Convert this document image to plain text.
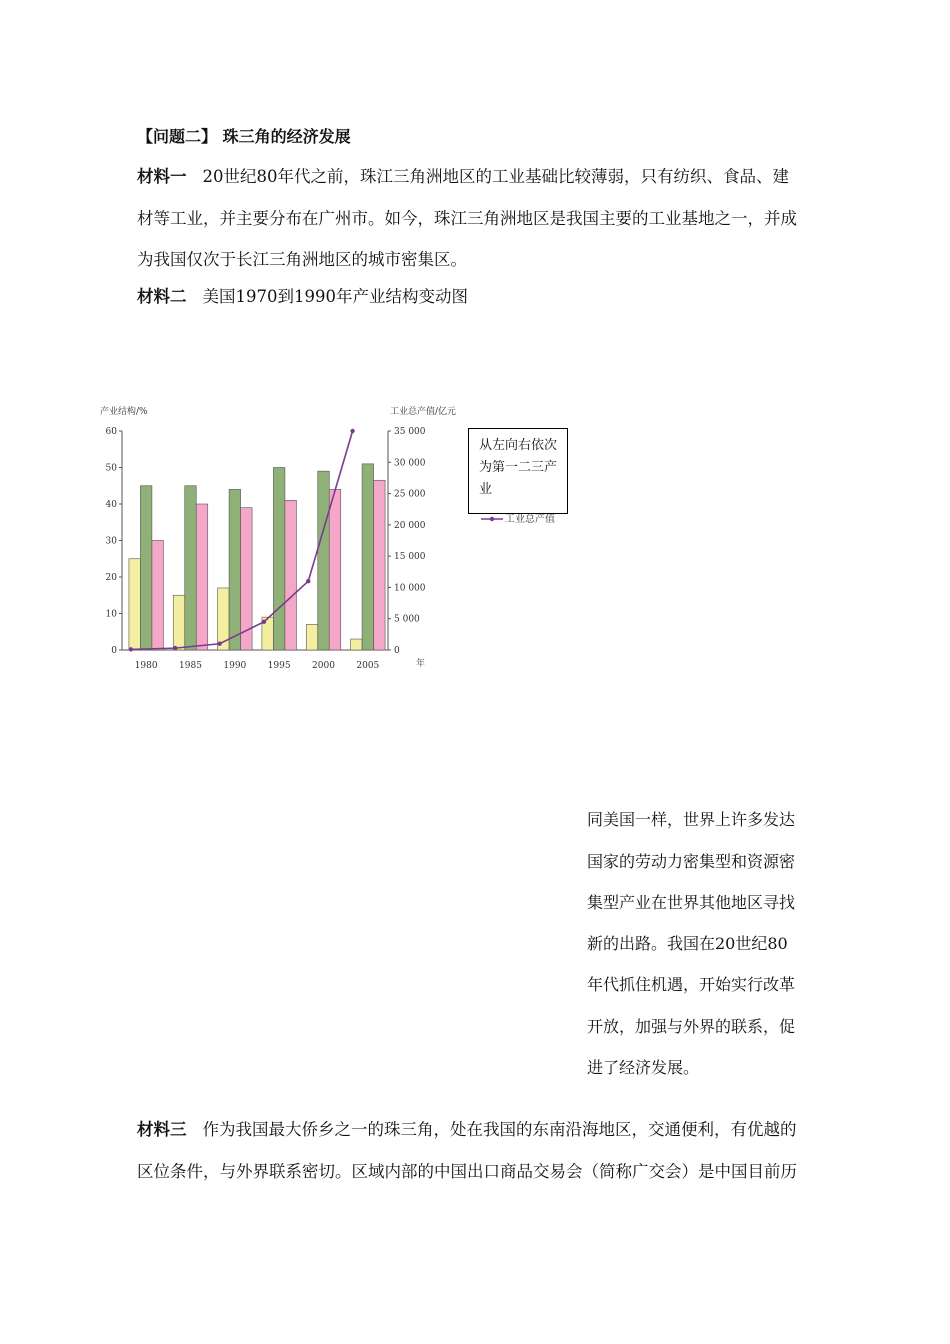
【问题二】 珠三角的经济发展
材料一 20世纪80年代之前，珠江三角洲地区的工业基础比较薄弱，只有纺织、食品、建
材等工业，并主要分布在广州市。如今，珠江三角洲地区是我国主要的工业基地之一，并成
为我国仅次于长江三角洲地区的城市密集区。
材料二 美国1970到1990年产业结构变动图
产业结构/%	工业总产值/亿元
0
10
20
30
40
50
60
0
5 000
10 000
15 000
20 000
25 000
30 000
35 000
1980 1985 1990 1995 2000 2005	年
工业总产值
从左向右依次为第一二三产业
同美国一样，世界上许多发达
国家的劳动力密集型和资源密
集型产业在世界其他地区寻找
新的出路。我国在20世纪80
年代抓住机遇，开始实行改革
开放，加强与外界的联系，促
进了经济发展。
材料三 作为我国最大侨乡之一的珠三角，处在我国的东南沿海地区，交通便利，有优越的
区位条件，与外界联系密切。区域内部的中国出口商品交易会（简称广交会）是中国目前历
